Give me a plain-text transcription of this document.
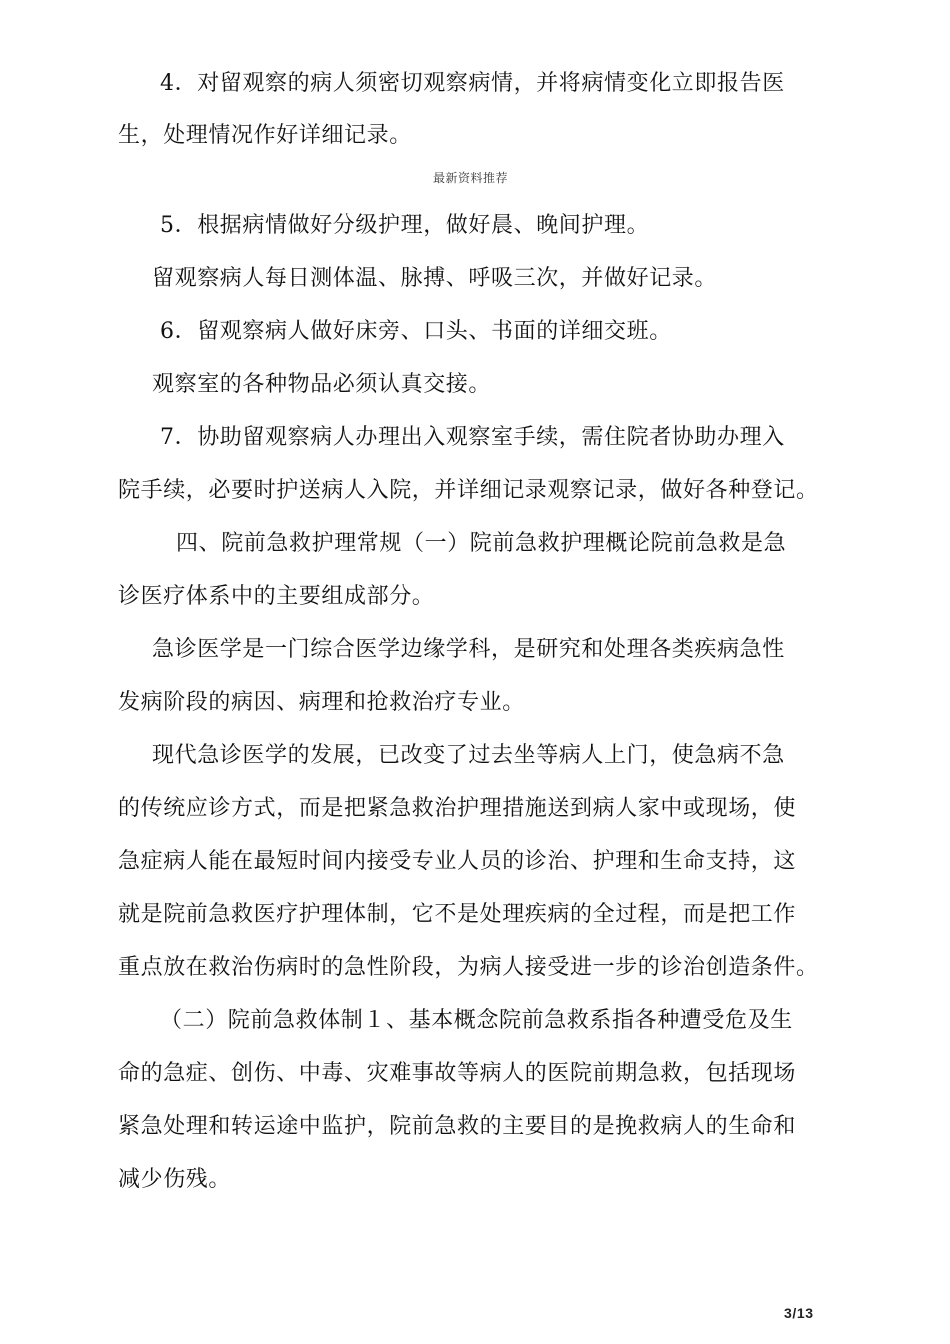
4．对留观察的病人须密切观察病情，并将病情变化立即报告医
生，处理情况作好详细记录。
最新资料推荐
5．根据病情做好分级护理，做好晨、晚间护理。
留观察病人每日测体温、脉搏、呼吸三次，并做好记录。
6．留观察病人做好床旁、口头、书面的详细交班。
观察室的各种物品必须认真交接。
7．协助留观察病人办理出入观察室手续，需住院者协助办理入
院手续，必要时护送病人入院，并详细记录观察记录，做好各种登记。
四、院前急救护理常规（一）院前急救护理概论院前急救是急
诊医疗体系中的主要组成部分。
急诊医学是一门综合医学边缘学科，是研究和处理各类疾病急性
发病阶段的病因、病理和抢救治疗专业。
现代急诊医学的发展，已改变了过去坐等病人上门，使急病不急
的传统应诊方式，而是把紧急救治护理措施送到病人家中或现场，使
急症病人能在最短时间内接受专业人员的诊治、护理和生命支持，这
就是院前急救医疗护理体制，它不是处理疾病的全过程，而是把工作
重点放在救治伤病时的急性阶段，为病人接受进一步的诊治创造条件。
（二）院前急救体制１、基本概念院前急救系指各种遭受危及生
命的急症、创伤、中毒、灾难事故等病人的医院前期急救，包括现场
紧急处理和转运途中监护，院前急救的主要目的是挽救病人的生命和
减少伤残。
3/13
